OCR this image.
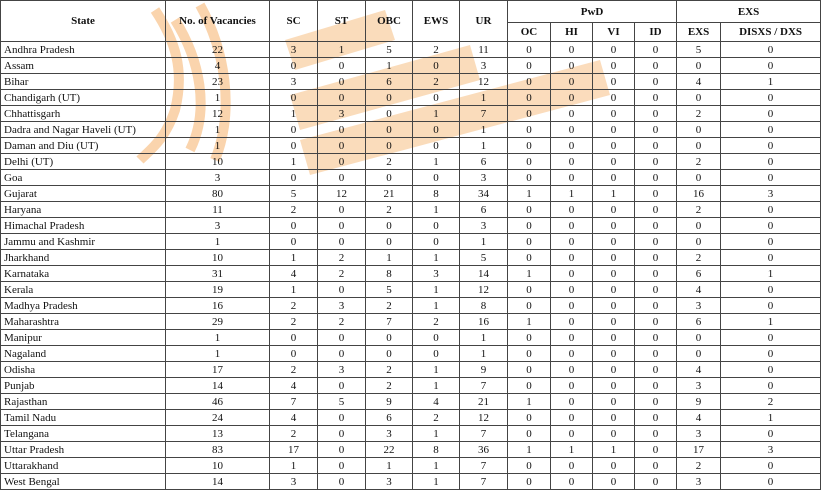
State	No. of Vacancies	SC	ST	OBC	EWS	UR	PwD				EXS	
							OC	HI	VI	ID	EXS	DISXS / DXS
Andhra Pradesh	22	3	1	5	2	11	0	0	0	0	5	0
Assam	4	0	0	1	0	3	0	0	0	0	0	0
Bihar	23	3	0	6	2	12	0	0	0	0	4	1
Chandigarh (UT)	1	0	0	0	0	1	0	0	0	0	0	0
Chhattisgarh	12	1	3	0	1	7	0	0	0	0	2	0
Dadra and Nagar Haveli (UT)	1	0	0	0	0	1	0	0	0	0	0	0
Daman and Diu (UT)	1	0	0	0	0	1	0	0	0	0	0	0
Delhi (UT)	10	1	0	2	1	6	0	0	0	0	2	0
Goa	3	0	0	0	0	3	0	0	0	0	0	0
Gujarat	80	5	12	21	8	34	1	1	1	0	16	3
Haryana	11	2	0	2	1	6	0	0	0	0	2	0
Himachal Pradesh	3	0	0	0	0	3	0	0	0	0	0	0
Jammu and Kashmir	1	0	0	0	0	1	0	0	0	0	0	0
Jharkhand	10	1	2	1	1	5	0	0	0	0	2	0
Karnataka	31	4	2	8	3	14	1	0	0	0	6	1
Kerala	19	1	0	5	1	12	0	0	0	0	4	0
Madhya Pradesh	16	2	3	2	1	8	0	0	0	0	3	0
Maharashtra	29	2	2	7	2	16	1	0	0	0	6	1
Manipur	1	0	0	0	0	1	0	0	0	0	0	0
Nagaland	1	0	0	0	0	1	0	0	0	0	0	0
Odisha	17	2	3	2	1	9	0	0	0	0	4	0
Punjab	14	4	0	2	1	7	0	0	0	0	3	0
Rajasthan	46	7	5	9	4	21	1	0	0	0	9	2
Tamil Nadu	24	4	0	6	2	12	0	0	0	0	4	1
Telangana	13	2	0	3	1	7	0	0	0	0	3	0
Uttar Pradesh	83	17	0	22	8	36	1	1	1	0	17	3
Uttarakhand	10	1	0	1	1	7	0	0	0	0	2	0
West Bengal	14	3	0	3	1	7	0	0	0	0	3	0
